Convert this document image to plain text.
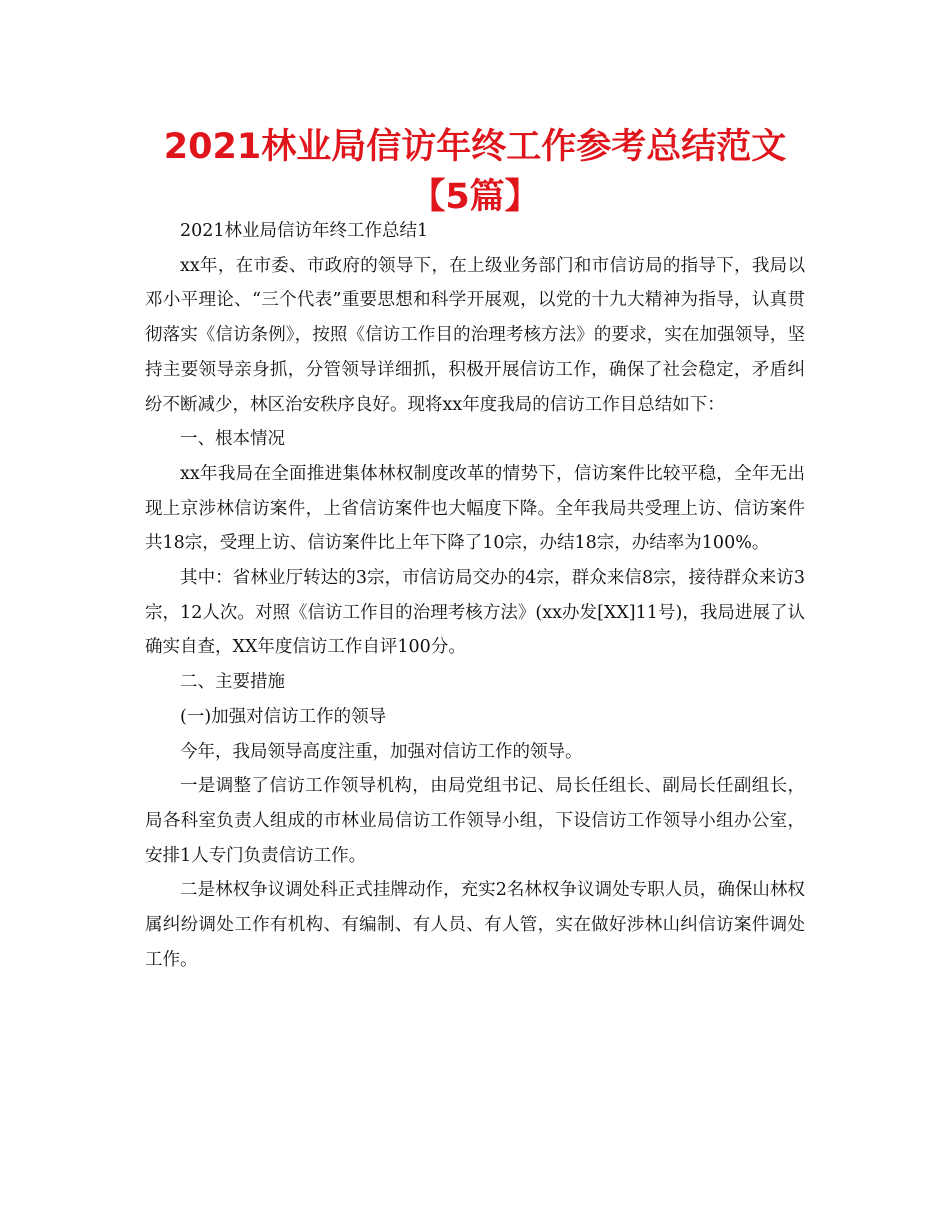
2021林业局信访年终工作参考总结范文【5篇】

2021林业局信访年终工作总结1

xx年，在市委、市政府的领导下，在上级业务部门和市信访局的指导下，我局以邓小平理论、“三个代表”重要思想和科学开展观，以党的十九大精神为指导，认真贯彻落实《信访条例》，按照《信访工作目的治理考核方法》的要求，实在加强领导，坚持主要领导亲身抓，分管领导详细抓，积极开展信访工作，确保了社会稳定，矛盾纠纷不断减少，林区治安秩序良好。现将xx年度我局的信访工作目总结如下：

一、根本情况

xx年我局在全面推进集体林权制度改革的情势下，信访案件比较平稳，全年无出现上京涉林信访案件，上省信访案件也大幅度下降。全年我局共受理上访、信访案件共18宗，受理上访、信访案件比上年下降了10宗，办结18宗，办结率为100%。

其中：省林业厅转达的3宗，市信访局交办的4宗，群众来信8宗，接待群众来访3宗，12人次。对照《信访工作目的治理考核方法》(xx办发[XX]11号)，我局进展了认确实自查，XX年度信访工作自评100分。

二、主要措施

(一)加强对信访工作的领导

今年，我局领导高度注重，加强对信访工作的领导。

一是调整了信访工作领导机构，由局党组书记、局长任组长、副局长任副组长，局各科室负责人组成的市林业局信访工作领导小组，下设信访工作领导小组办公室，安排1人专门负责信访工作。

二是林权争议调处科正式挂牌动作，充实2名林权争议调处专职人员，确保山林权属纠纷调处工作有机构、有编制、有人员、有人管，实在做好涉林山纠信访案件调处工作。
